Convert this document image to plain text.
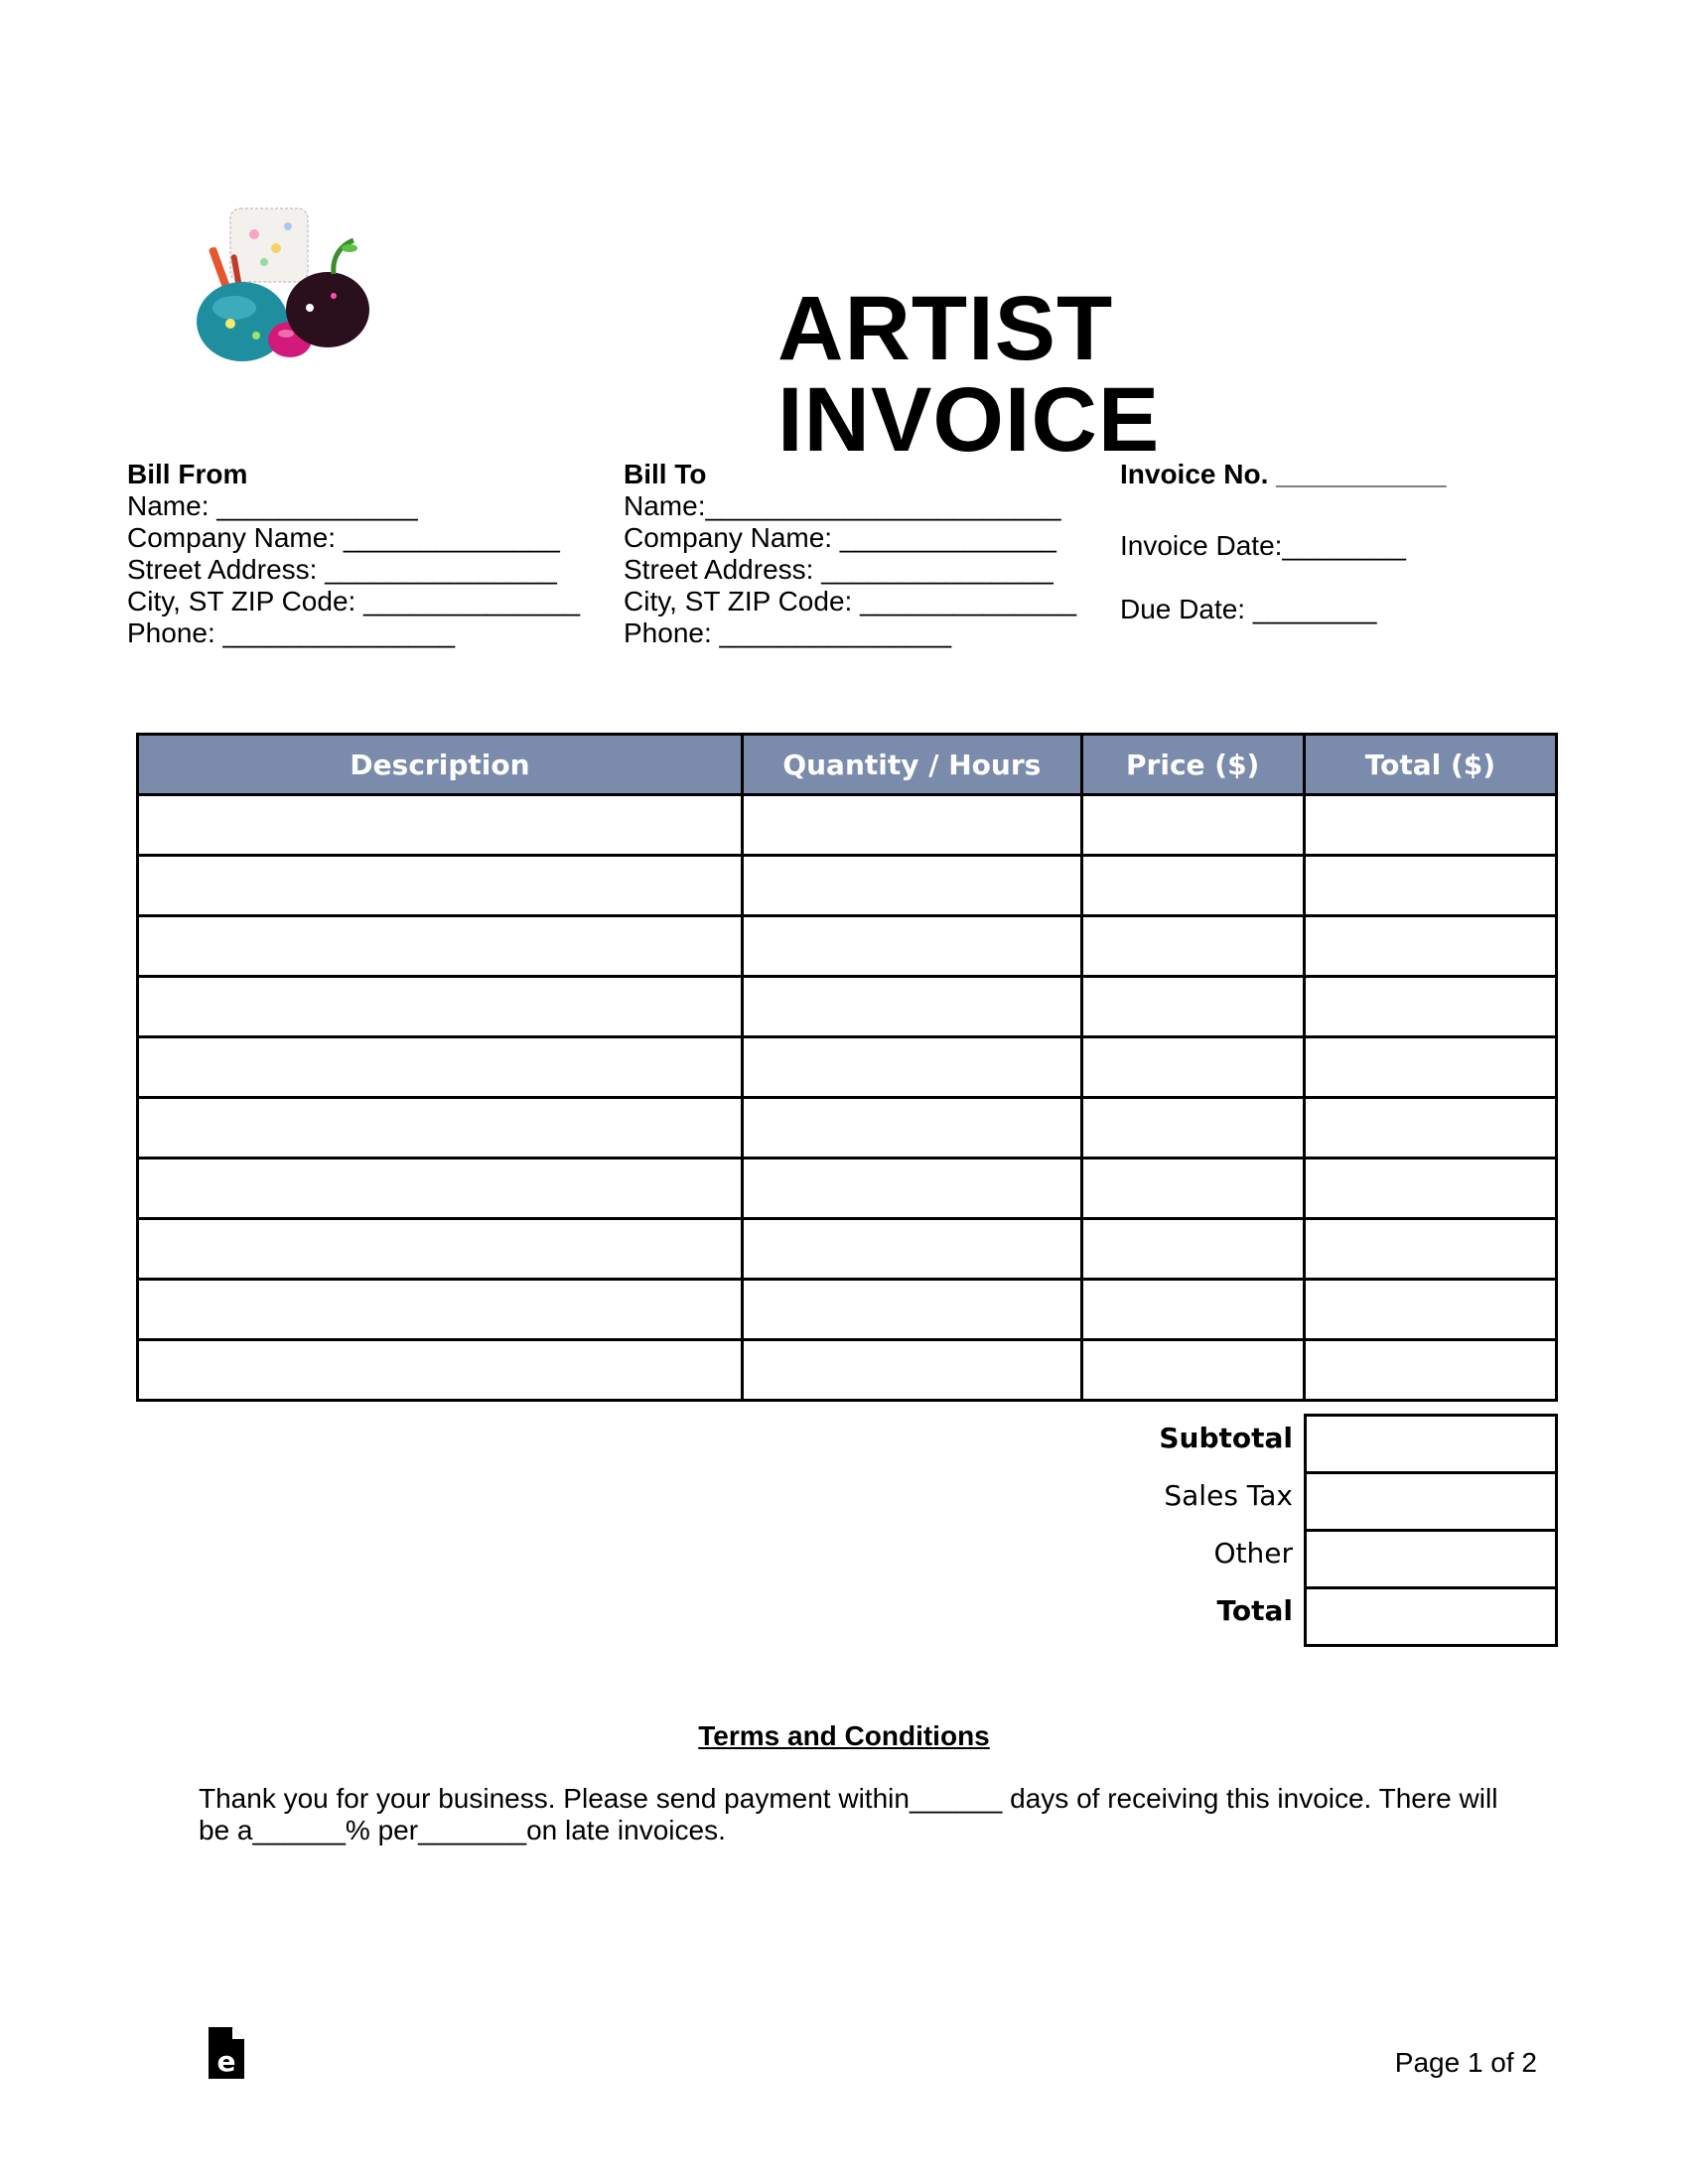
ARTIST INVOICE
Bill From
Name: _____________
Company Name: ______________
Street Address: _______________
City, ST ZIP Code: ______________
Phone: _______________
Bill To
Name:_______________________
Company Name: ______________
Street Address: _______________
City, ST ZIP Code: ______________
Phone: _______________
Invoice No. ___________
Invoice Date:________
Due Date: ________
Description	Quantity / Hours	Price ($)	Total ($)

Subtotal
Sales Tax
Other
Total

Terms and Conditions
Thank you for your business. Please send payment within______ days of receiving this invoice. There will be a______% per_______on late invoices.
e	Page 1 of 2
